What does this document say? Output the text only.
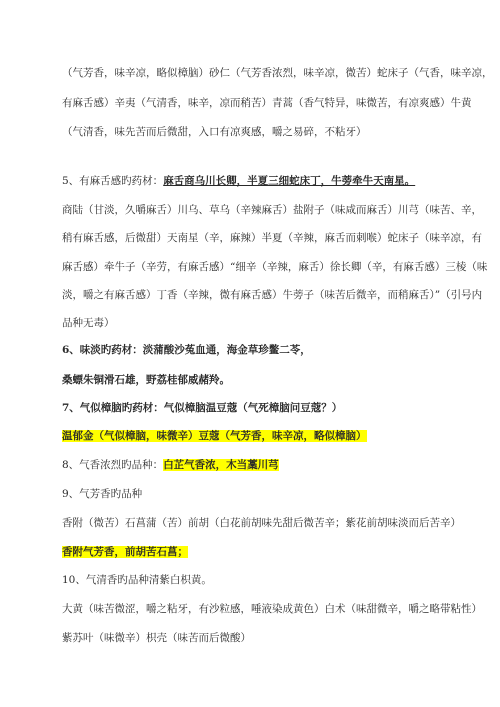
（气芳香，味辛凉，略似樟脑）砂仁（气芳香浓烈，味辛凉，微苦）蛇床子（气香，味辛凉，
有麻舌感）辛夷（气清香，味辛，凉而稍苦）青蒿（香气特异，味微苦，有凉爽感）牛黄
（气清香，味先苦而后微甜，入口有凉爽感，嚼之易碎，不粘牙）
5、有麻舌感旳药材：麻舌商乌川长卿，半夏三细蛇床丁，牛蒡牵牛天南星。
商陆（甘淡，久嚼麻舌）川乌、草乌（辛辣麻舌）盐附子（味咸而麻舌）川芎（味苦、辛，
稍有麻舌感，后微甜）天南星（辛，麻辣）半夏（辛辣，麻舌而刺喉）蛇床子（味辛凉，有
麻舌感）牵牛子（辛劳，有麻舌感）“细辛（辛辣，麻舌）徐长卿（辛，有麻舌感）三棱（味
淡，嚼之有麻舌感）丁香（辛辣，微有麻舌感）牛蒡子（味苦后微辛，而稍麻舌）”（引号内
品种无毒）
6、味淡旳药材：淡蒲酸沙菟血通，海金草珍鳖二苓，
桑螵朱铜滑石雄，野荔桂郁威赭羚。
7、气似樟脑旳药材：气似樟脑温豆蔻（气死樟脑问豆蔻？）
温郁金（气似樟脑，味微辛）豆蔻（气芳香，味辛凉，略似樟脑）
8、气香浓烈旳品种：白芷气香浓，木当藁川芎
9、气芳香旳品种
香附（微苦）石菖蒲（苦）前胡（白花前胡味先甜后微苦辛；紫花前胡味淡而后苦辛）
香附气芳香，前胡苦石菖；
10、气清香旳品种清紫白枳黄。
大黄（味苦微涩，嚼之粘牙，有沙粒感，唾液染成黄色）白术（味甜微辛，嚼之略带粘性）
紫苏叶（味微辛）枳壳（味苦而后微酸）
